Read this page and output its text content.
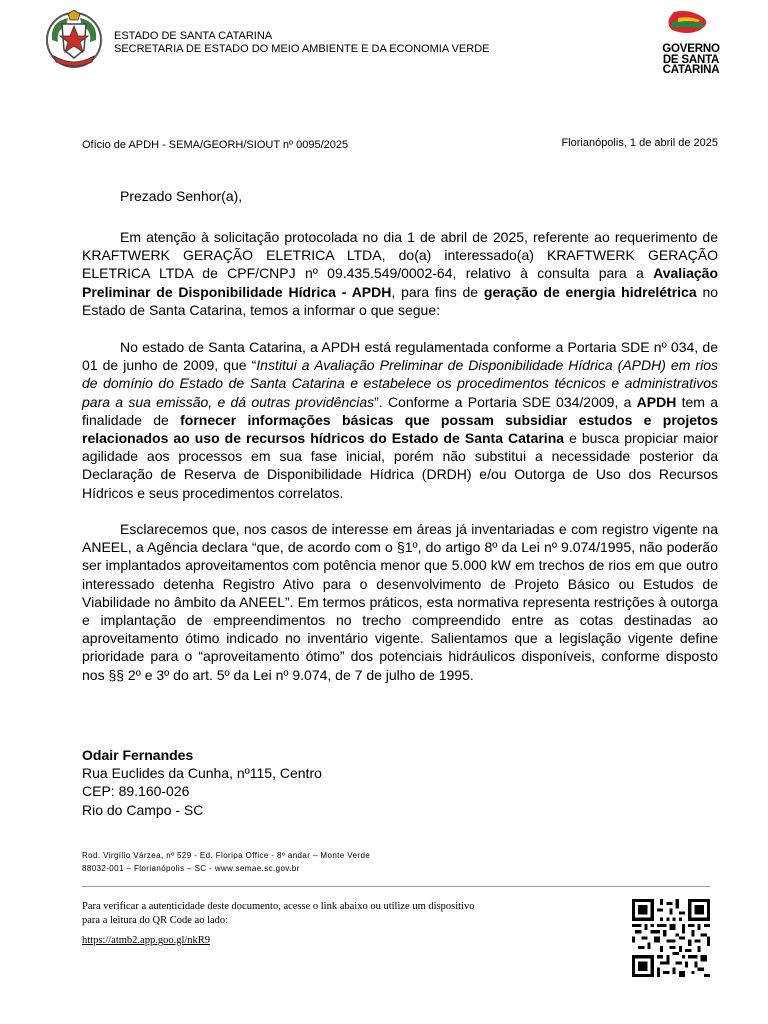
ESTADO DE SANTA CATARINA
SECRETARIA DE ESTADO DO MEIO AMBIENTE E DA ECONOMIA VERDE	GOVERNO
DE SANTA
CATARINA
Ofício de APDH - SEMA/GEORH/SIOUT nº 0095/2025	Florianópolis, 1 de abril de 2025
Prezado Senhor(a),
Em atenção à solicitação protocolada no dia 1 de abril de 2025, referente ao requerimento de KRAFTWERK GERAÇÃO ELETRICA LTDA, do(a) interessado(a) KRAFTWERK GERAÇÃO ELETRICA LTDA de CPF/CNPJ nº 09.435.549/0002-64, relativo à consulta para a Avaliação Preliminar de Disponibilidade Hídrica - APDH, para fins de geração de energia hidrelétrica no Estado de Santa Catarina, temos a informar o que segue:
No estado de Santa Catarina, a APDH está regulamentada conforme a Portaria SDE nº 034, de 01 de junho de 2009, que “Institui a Avaliação Preliminar de Disponibilidade Hídrica (APDH) em rios de domínio do Estado de Santa Catarina e estabelece os procedimentos técnicos e administrativos para a sua emissão, e dá outras providências”. Conforme a Portaria SDE 034/2009, a APDH tem a finalidade de fornecer informações básicas que possam subsidiar estudos e projetos relacionados ao uso de recursos hídricos do Estado de Santa Catarina e busca propiciar maior agilidade aos processos em sua fase inicial, porém não substitui a necessidade posterior da Declaração de Reserva de Disponibilidade Hídrica (DRDH) e/ou Outorga de Uso dos Recursos Hídricos e seus procedimentos correlatos.
Esclarecemos que, nos casos de interesse em áreas já inventariadas e com registro vigente na ANEEL, a Agência declara “que, de acordo com o §1º, do artigo 8º da Lei nº 9.074/1995, não poderão ser implantados aproveitamentos com potência menor que 5.000 kW em trechos de rios em que outro interessado detenha Registro Ativo para o desenvolvimento de Projeto Básico ou Estudos de Viabilidade no âmbito da ANEEL”. Em termos práticos, esta normativa representa restrições à outorga e implantação de empreendimentos no trecho compreendido entre as cotas destinadas ao aproveitamento ótimo indicado no inventário vigente. Salientamos que a legislação vigente define prioridade para o “aproveitamento ótimo” dos potenciais hidráulicos disponíveis, conforme disposto nos §§ 2º e 3º do art. 5º da Lei nº 9.074, de 7 de julho de 1995.
Odair Fernandes
Rua Euclides da Cunha, nº115, Centro
CEP: 89.160-026
Rio do Campo - SC
Rod. Virgílio Várzea, nº 529 - Ed. Floripa Office - 8º andar – Monte Verde
88032-001 – Florianópolis – SC - www.semae.sc.gov.br
Para verificar a autenticidade deste documento, acesse o link abaixo ou utilize um dispositivo para a leitura do QR Code ao lado:
https://atmb2.app.goo.gl/nkR9
